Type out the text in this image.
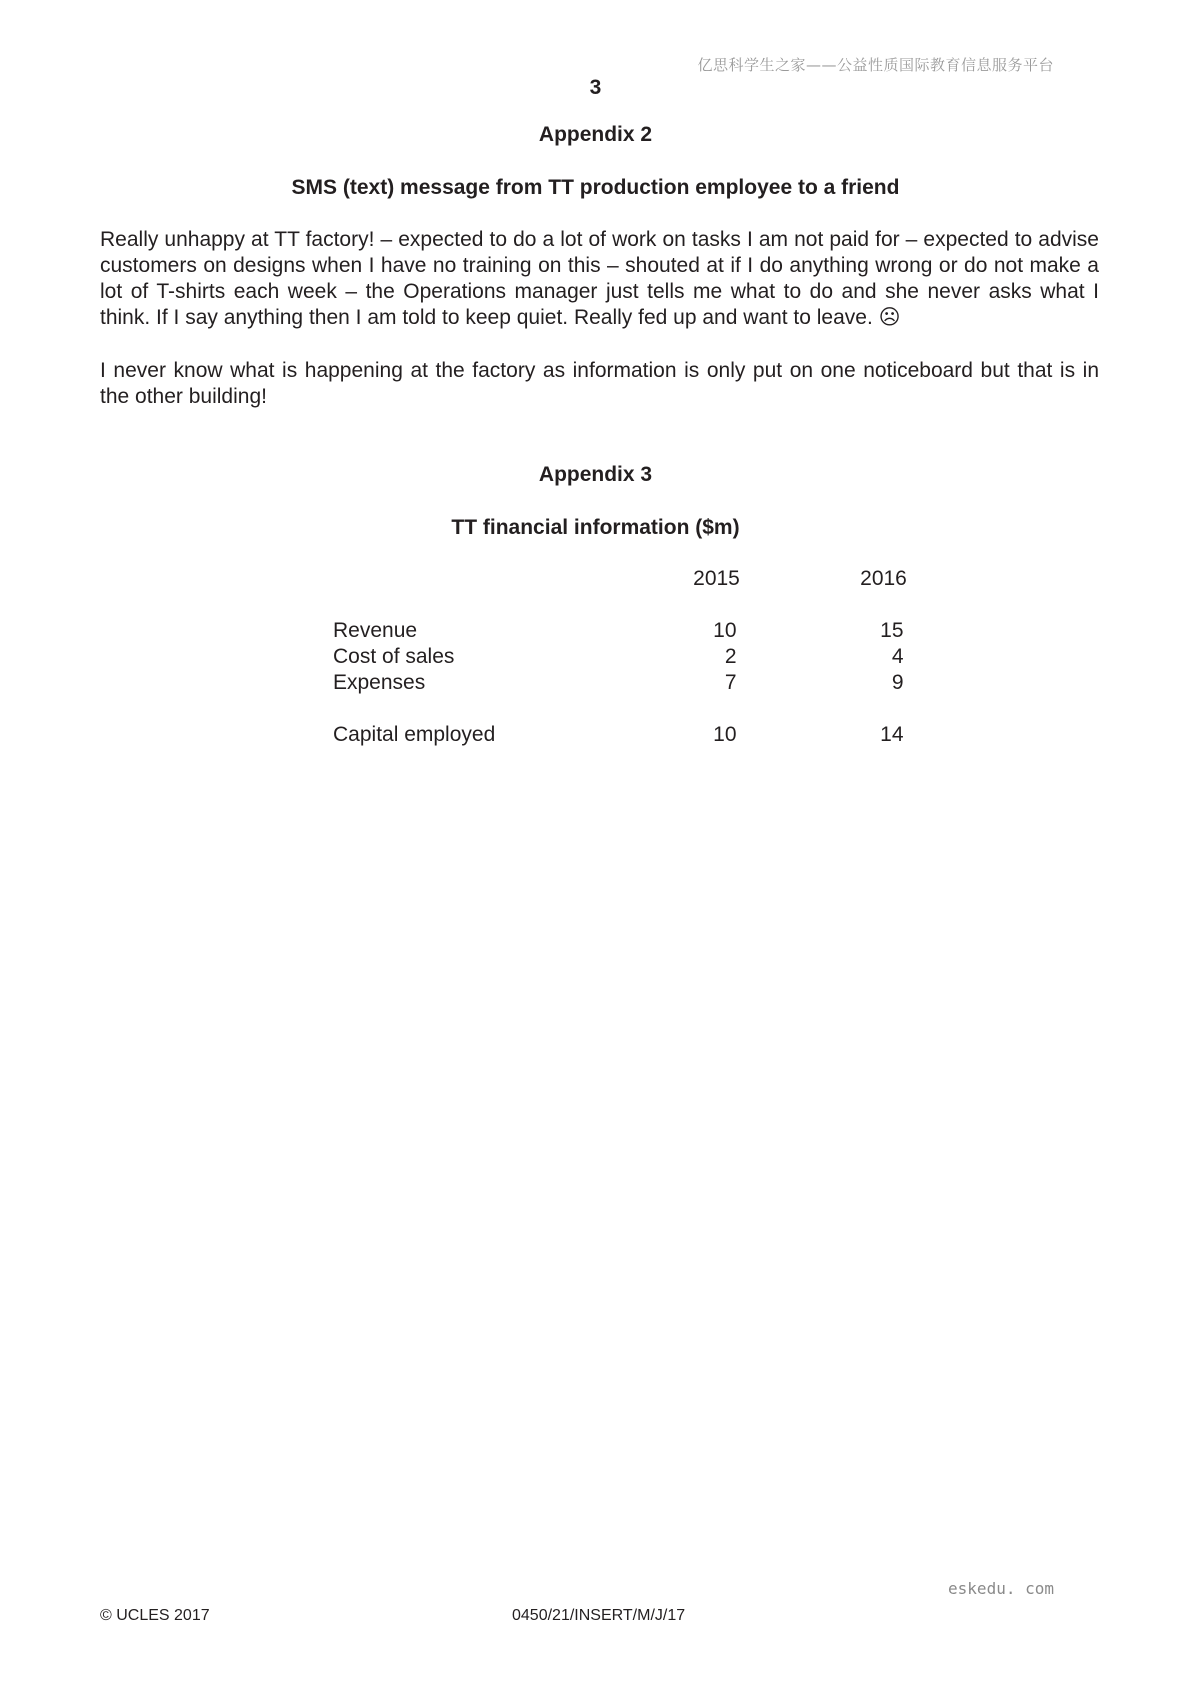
亿思科学生之家——公益性质国际教育信息服务平台
3
Appendix 2
SMS (text) message from TT production employee to a friend
Really unhappy at TT factory! – expected to do a lot of work on tasks I am not paid for – expected to advise customers on designs when I have no training on this – shouted at if I do anything wrong or do not make a lot of T-shirts each week – the Operations manager just tells me what to do and she never asks what I think. If I say anything then I am told to keep quiet. Really fed up and want to leave. ☹
I never know what is happening at the factory as information is only put on one noticeboard but that is in the other building!
Appendix 3
TT financial information ($m)
	2015	2016

Revenue	10	15
Cost of sales	2	4
Expenses	7	9

Capital employed	10	14
eskedu. com
© UCLES 2017	0450/21/INSERT/M/J/17
